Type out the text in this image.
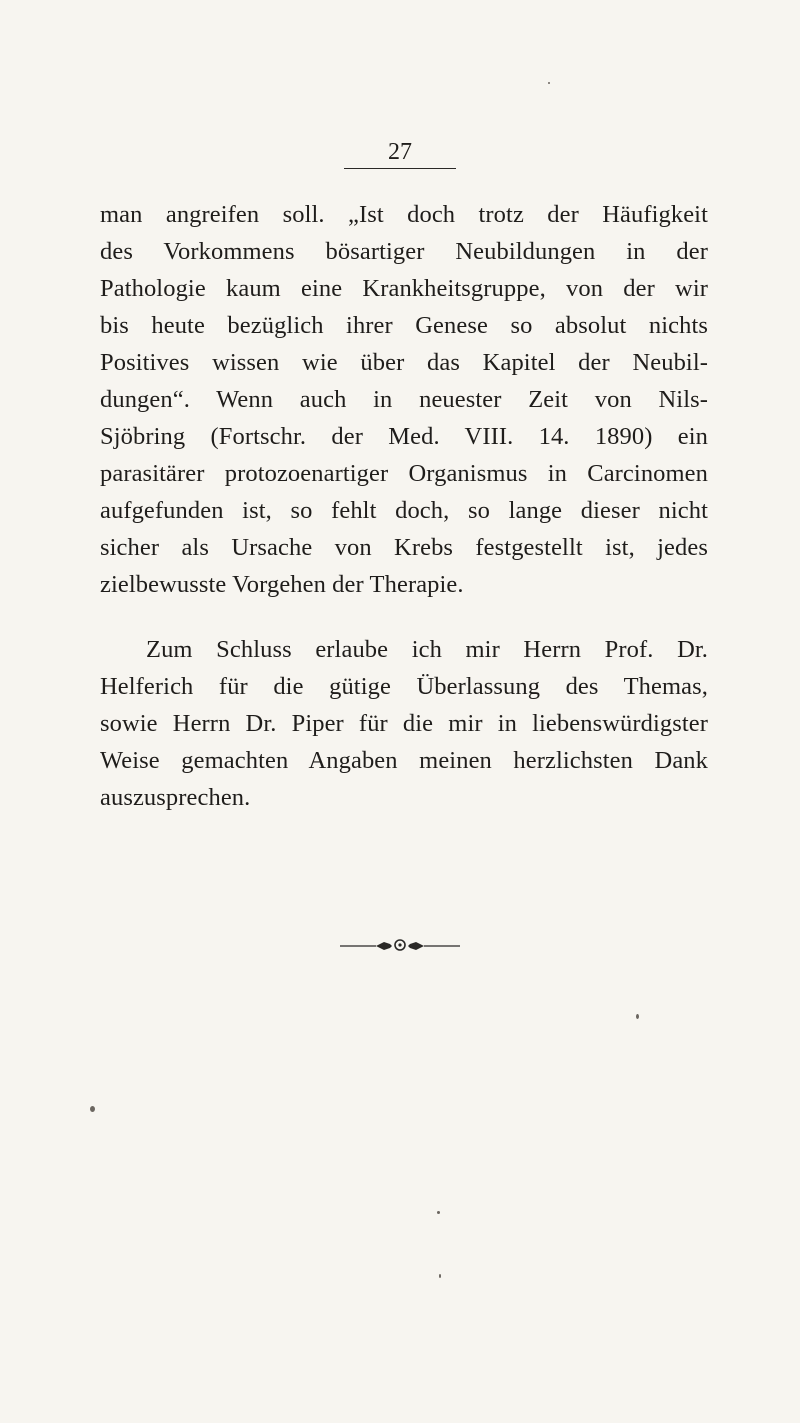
27
man angreifen soll. „Ist doch trotz der Häufigkeit
des Vorkommens bösartiger Neubildungen in der
Pathologie kaum eine Krankheitsgruppe, von der wir
bis heute bezüglich ihrer Genese so absolut nichts
Positives wissen wie über das Kapitel der Neubil-
dungen“. Wenn auch in neuester Zeit von Nils-
Sjöbring (Fortschr. der Med. VIII. 14. 1890) ein
parasitärer protozoenartiger Organismus in Carcinomen
aufgefunden ist, so fehlt doch, so lange dieser nicht
sicher als Ursache von Krebs festgestellt ist, jedes
zielbewusste Vorgehen der Therapie.
Zum Schluss erlaube ich mir Herrn Prof. Dr.
Helferich für die gütige Überlassung des Themas,
sowie Herrn Dr. Piper für die mir in liebenswürdigster
Weise gemachten Angaben meinen herzlichsten Dank
auszusprechen.
